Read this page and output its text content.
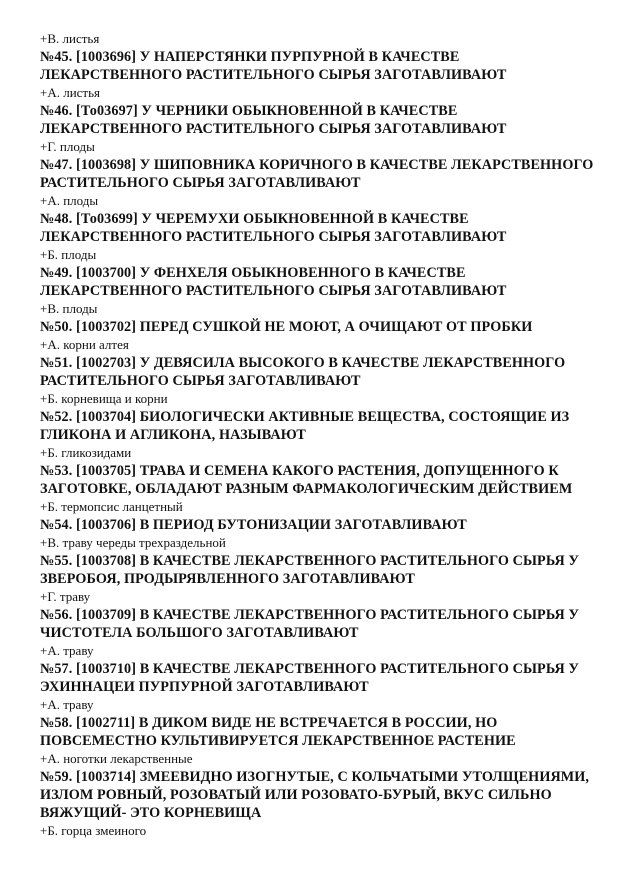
+В. листья
№45. [1003696] У НАПЕРСТЯНКИ ПУРПУРНОЙ В КАЧЕСТВЕ ЛЕКАРСТВЕННОГО РАСТИТЕЛЬНОГО СЫРЬЯ ЗАГОТАВЛИВАЮТ
+А. листья
№46. [То03697] У ЧЕРНИКИ ОБЫКНОВЕННОЙ В КАЧЕСТВЕ ЛЕКАРСТВЕННОГО РАСТИТЕЛЬНОГО СЫРЬЯ ЗАГОТАВЛИВАЮТ
+Г. плоды
№47. [1003698] У ШИПОВНИКА КОРИЧНОГО В КАЧЕСТВЕ ЛЕКАРСТВЕННОГО РАСТИТЕЛЬНОГО СЫРЬЯ ЗАГОТАВЛИВАЮТ
+А. плоды
№48. [То03699] У ЧЕРЕМУХИ ОБЫКНОВЕННОЙ В КАЧЕСТВЕ ЛЕКАРСТВЕННОГО РАСТИТЕЛЬНОГО СЫРЬЯ ЗАГОТАВЛИВАЮТ
+Б. плоды
№49. [1003700] У ФЕНХЕЛЯ ОБЫКНОВЕННОГО В КАЧЕСТВЕ ЛЕКАРСТВЕННОГО РАСТИТЕЛЬНОГО СЫРЬЯ ЗАГОТАВЛИВАЮТ
+В. плоды
№50. [1003702] ПЕРЕД СУШКОЙ НЕ МОЮТ, А ОЧИЩАЮТ ОТ ПРОБКИ
+А. корни алтея
№51. [1002703] У ДЕВЯСИЛА ВЫСОКОГО В КАЧЕСТВЕ ЛЕКАРСТВЕННОГО РАСТИТЕЛЬНОГО СЫРЬЯ ЗАГОТАВЛИВАЮТ
+Б. корневища и корни
№52. [1003704] БИОЛОГИЧЕСКИ АКТИВНЫЕ ВЕЩЕСТВА, СОСТОЯЩИЕ ИЗ ГЛИКОНА И АГЛИКОНА, НАЗЫВАЮТ
+Б. гликозидами
№53. [1003705] ТРАВА И СЕМЕНА КАКОГО РАСТЕНИЯ, ДОПУЩЕННОГО К ЗАГОТОВКЕ, ОБЛАДАЮТ РАЗНЫМ ФАРМАКОЛОГИЧЕСКИМ ДЕЙСТВИЕМ
+Б. термопсис ланцетный
№54. [1003706] В ПЕРИОД БУТОНИЗАЦИИ ЗАГОТАВЛИВАЮТ
+В. траву череды трехраздельной
№55. [1003708] В КАЧЕСТВЕ ЛЕКАРСТВЕННОГО РАСТИТЕЛЬНОГО СЫРЬЯ У ЗВЕРОБОЯ, ПРОДЫРЯВЛЕННОГО ЗАГОТАВЛИВАЮТ
+Г. траву
№56. [1003709] В КАЧЕСТВЕ ЛЕКАРСТВЕННОГО РАСТИТЕЛЬНОГО СЫРЬЯ У ЧИСТОТЕЛА БОЛЬШОГО ЗАГОТАВЛИВАЮТ
+А. траву
№57. [1003710] В КАЧЕСТВЕ ЛЕКАРСТВЕННОГО РАСТИТЕЛЬНОГО СЫРЬЯ У ЭХИННАЦЕИ ПУРПУРНОЙ ЗАГОТАВЛИВАЮТ
+А. траву
№58. [1002711] В ДИКОМ ВИДЕ НЕ ВСТРЕЧАЕТСЯ В РОССИИ, НО ПОВСЕМЕСТНО КУЛЬТИВИРУЕТСЯ ЛЕКАРСТВЕННОЕ РАСТЕНИЕ
+А. ноготки лекарственные
№59. [1003714] ЗМЕЕВИДНО ИЗОГНУТЫЕ, С КОЛЬЧАТЫМИ УТОЛЩЕНИЯМИ, ИЗЛОМ РОВНЫЙ, РОЗОВАТЫЙ ИЛИ РОЗОВАТО-БУРЫЙ, ВКУС СИЛЬНО ВЯЖУЩИЙ- ЭТО КОРНЕВИЩА
+Б. горца змеиного
